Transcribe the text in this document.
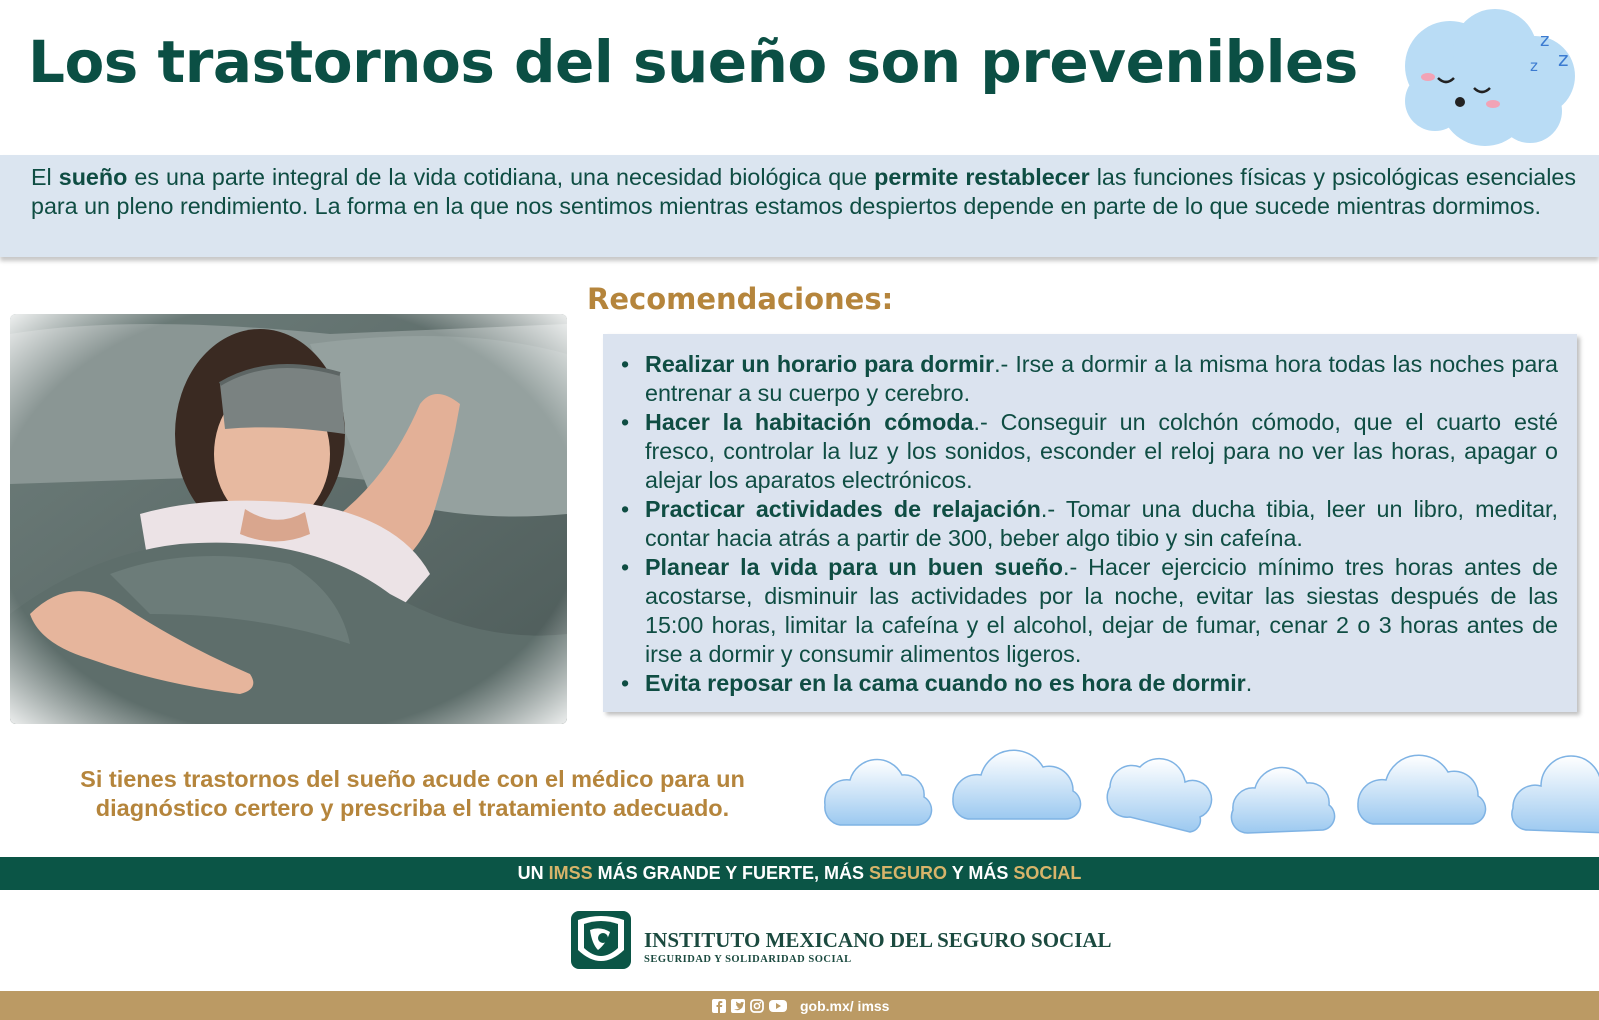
Los trastornos del sueño son prevenibles	z
z
z

El sueño es una parte integral de la vida cotidiana, una necesidad biológica que permite restablecer las funciones físicas y psicológicas esenciales para un pleno rendimiento. La forma en la que nos sentimos mientras estamos despiertos depende en parte de lo que sucede mientras dormimos.

Recomendaciones:
• Realizar un horario para dormir.- Irse a dormir a la misma hora todas las noches para entrenar a su cuerpo y cerebro.
• Hacer la habitación cómoda.- Conseguir un colchón cómodo, que el cuarto esté fresco, controlar la luz y los sonidos, esconder el reloj para no ver las horas, apagar o alejar los aparatos electrónicos.
• Practicar actividades de relajación.- Tomar una ducha tibia, leer un libro, meditar, contar hacia atrás a partir de 300, beber algo tibio y sin cafeína.
• Planear la vida para un buen sueño.- Hacer ejercicio mínimo tres horas antes de acostarse, disminuir las actividades por la noche, evitar las siestas después de las 15:00 horas, limitar la cafeína y el alcohol, dejar de fumar, cenar 2 o 3 horas antes de irse a dormir y consumir alimentos ligeros.
• Evita reposar en la cama cuando no es hora de dormir.

Si tienes trastornos del sueño acude con el médico para un diagnóstico certero y prescriba el tratamiento adecuado.

UN IMSS MÁS GRANDE Y FUERTE, MÁS SEGURO Y MÁS SOCIAL
INSTITUTO MEXICANO DEL SEGURO SOCIAL
SEGURIDAD Y SOLIDARIDAD SOCIAL
gob.mx/ imss
